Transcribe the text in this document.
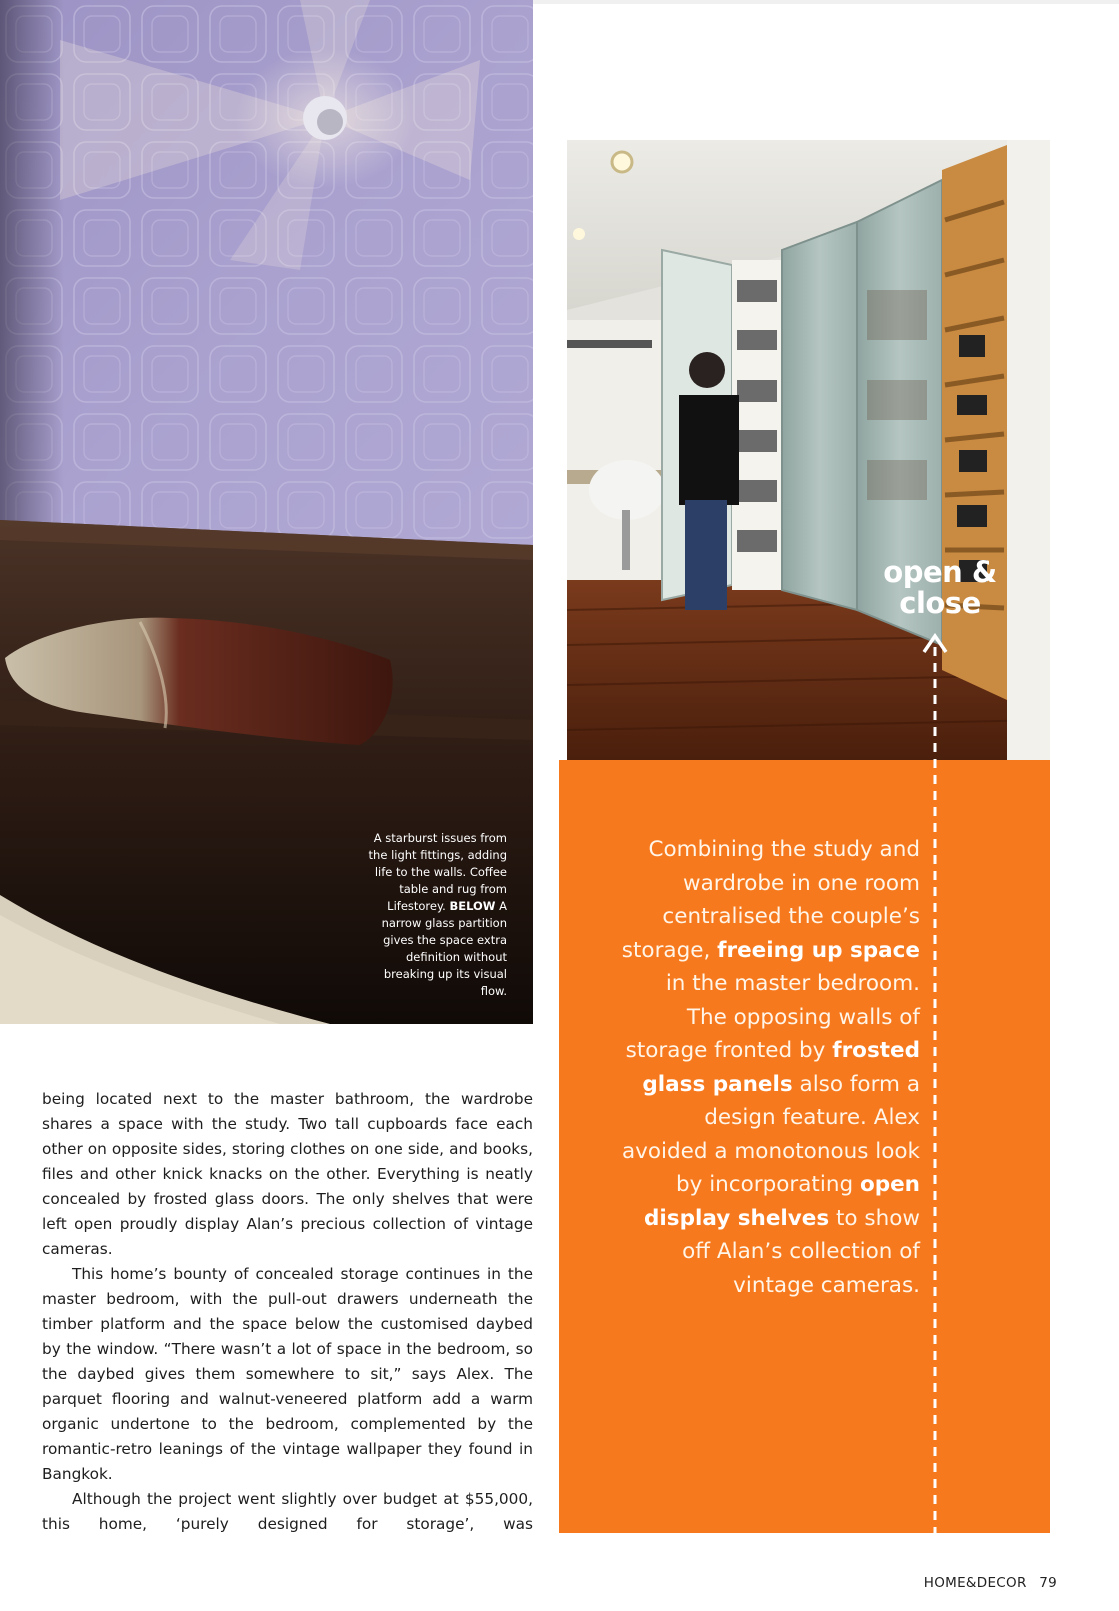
A starburst issues from the light fittings, adding life to the walls. Coffee table and rug from Lifestorey. BELOW A narrow glass partition gives the space extra definition without breaking up its visual flow.
open &
close
Combining the study and wardrobe in one room centralised the couple’s storage, freeing up space in the master bedroom. The opposing walls of storage fronted by frosted glass panels also form a design feature. Alex avoided a monotonous look by incorporating open display shelves to show off Alan’s collection of vintage cameras.

being located next to the master bathroom, the wardrobe shares a space with the study. Two tall cupboards face each other on opposite sides, storing clothes on one side, and books, files and other knick knacks on the other. Everything is neatly concealed by frosted glass doors. The only shelves that were left open proudly display Alan’s precious collection of vintage cameras.

This home’s bounty of concealed storage continues in the master bedroom, with the pull-out drawers underneath the timber platform and the space below the customised daybed by the window. “There wasn’t a lot of space in the bedroom, so the daybed gives them somewhere to sit,” says Alex. The parquet flooring and walnut-veneered platform add a warm organic undertone to the bedroom, complemented by the romantic-retro leanings of the vintage wallpaper they found in Bangkok.

Although the project went slightly over budget at $55,000, this home, ‘purely designed for storage’, was

HOME&DECOR 79
